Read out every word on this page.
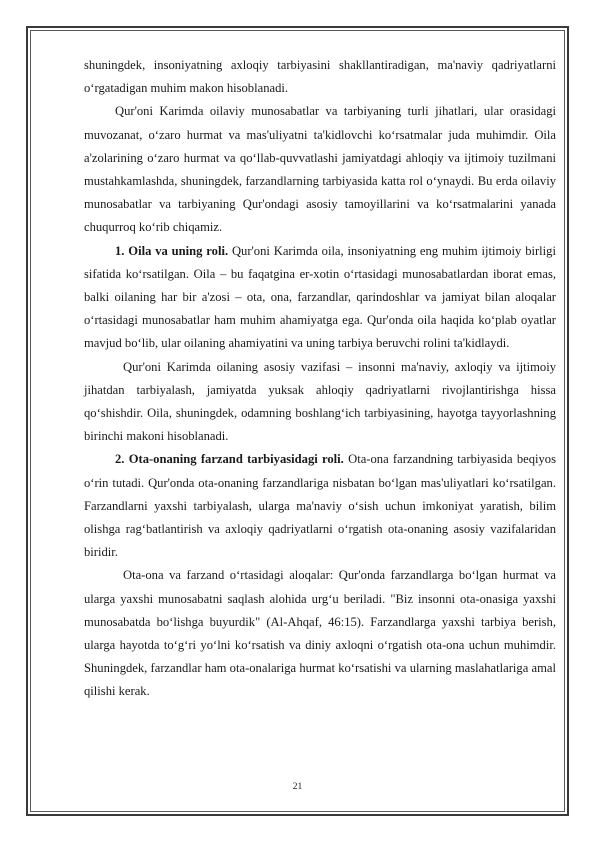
shuningdek, insoniyatning axloqiy tarbiyasini shakllantiradigan, ma'naviy qadriyatlarni o‘rgatadigan muhim makon hisoblanadi.

Qur'oni Karimda oilaviy munosabatlar va tarbiyaning turli jihatlari, ular orasidagi muvozanat, o‘zaro hurmat va mas'uliyatni ta'kidlovchi ko‘rsatmalar juda muhimdir. Oila a'zolarining o‘zaro hurmat va qo‘llab-quvvatlashi jamiyatdagi ahloqiy va ijtimoiy tuzilmani mustahkamlashda, shuningdek, farzandlarning tarbiyasida katta rol o‘ynaydi. Bu erda oilaviy munosabatlar va tarbiyaning Qur'ondagi asosiy tamoyillarini va ko‘rsatmalarini yanada chuqurroq ko‘rib chiqamiz.

1. Oila va uning roli. Qur'oni Karimda oila, insoniyatning eng muhim ijtimoiy birligi sifatida ko‘rsatilgan. Oila – bu faqatgina er-xotin o‘rtasidagi munosabatlardan iborat emas, balki oilaning har bir a'zosi – ota, ona, farzandlar, qarindoshlar va jamiyat bilan aloqalar o‘rtasidagi munosabatlar ham muhim ahamiyatga ega. Qur'onda oila haqida ko‘plab oyatlar mavjud bo‘lib, ular oilaning ahamiyatini va uning tarbiya beruvchi rolini ta'kidlaydi.

Qur'oni Karimda oilaning asosiy vazifasi – insonni ma'naviy, axloqiy va ijtimoiy jihatdan tarbiyalash, jamiyatda yuksak ahloqiy qadriyatlarni rivojlantirishga hissa qo‘shishdir. Oila, shuningdek, odamning boshlang‘ich tarbiyasining, hayotga tayyorlashning birinchi makoni hisoblanadi.

2. Ota-onaning farzand tarbiyasidagi roli. Ota-ona farzandning tarbiyasida beqiyos o‘rin tutadi. Qur'onda ota-onaning farzandlariga nisbatan bo‘lgan mas'uliyatlari ko‘rsatilgan. Farzandlarni yaxshi tarbiyalash, ularga ma'naviy o‘sish uchun imkoniyat yaratish, bilim olishga rag‘batlantirish va axloqiy qadriyatlarni o‘rgatish ota-onaning asosiy vazifalaridan biridir.

Ota-ona va farzand o‘rtasidagi aloqalar: Qur'onda farzandlarga bo‘lgan hurmat va ularga yaxshi munosabatni saqlash alohida urg‘u beriladi. "Biz insonni ota-onasiga yaxshi munosabatda bo‘lishga buyurdik" (Al-Ahqaf, 46:15). Farzandlarga yaxshi tarbiya berish, ularga hayotda to‘g‘ri yo‘lni ko‘rsatish va diniy axloqni o‘rgatish ota-ona uchun muhimdir. Shuningdek, farzandlar ham ota-onalariga hurmat ko‘rsatishi va ularning maslahatlariga amal qilishi kerak.

21
